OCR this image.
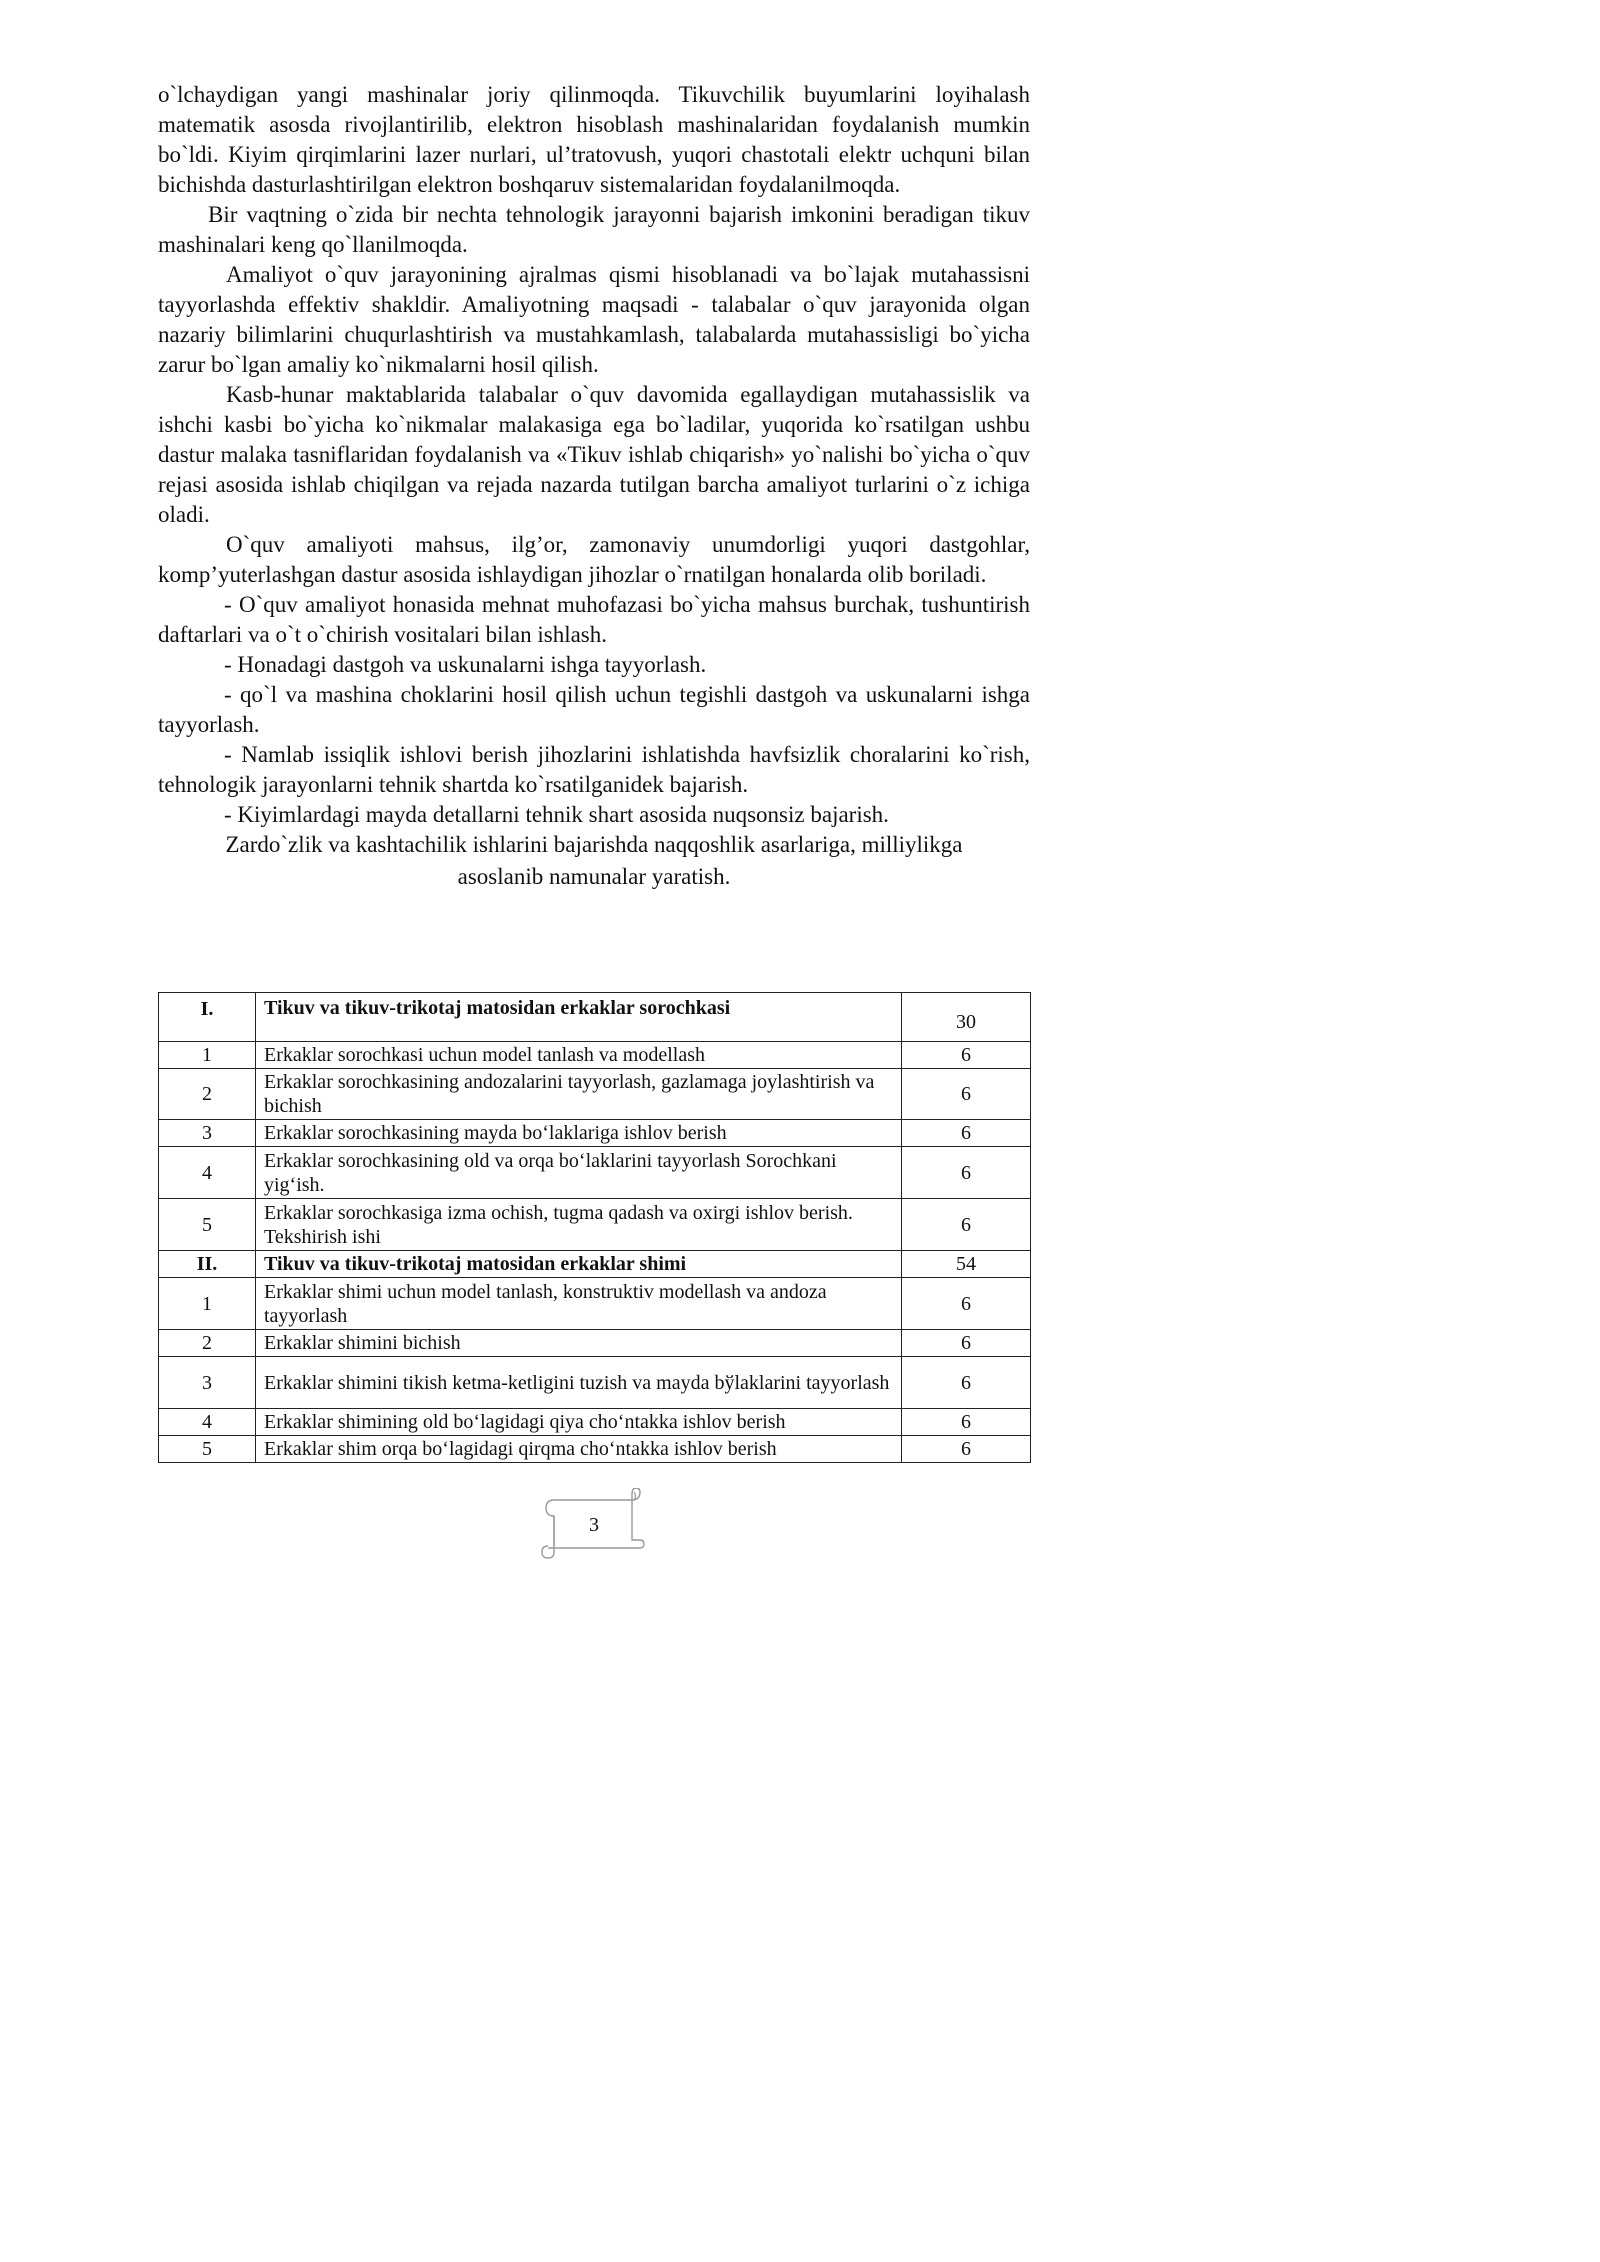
o`lchaydigan yangi mashinalar joriy qilinmoqda. Tikuvchilik buyumlarini loyihalash matematik asosda rivojlantirilib, elektron hisoblash mashinalaridan foydalanish mumkin bo`ldi. Kiyim qirqimlarini lazer nurlari, ul’tratovush, yuqori chastotali elektr uchquni bilan bichishda dasturlashtirilgan elektron boshqaruv sistemalaridan foydalanilmoqda.

Bir vaqtning o`zida bir nechta tehnologik jarayonni bajarish imkonini beradigan tikuv mashinalari keng qo`llanilmoqda.

Amaliyot o`quv jarayonining ajralmas qismi hisoblanadi va bo`lajak mutahassisni tayyorlashda effektiv shakldir. Amaliyotning maqsadi - talabalar o`quv jarayonida olgan nazariy bilimlarini chuqurlashtirish va mustahkamlash, talabalarda mutahassisligi bo`yicha zarur bo`lgan amaliy ko`nikmalarni hosil qilish.

Kasb-hunar maktablarida talabalar o`quv davomida egallaydigan mutahassislik va ishchi kasbi bo`yicha ko`nikmalar malakasiga ega bo`ladilar, yuqorida ko`rsatilgan ushbu dastur malaka tasniflaridan foydalanish va «Tikuv ishlab chiqarish» yo`nalishi bo`yicha o`quv rejasi asosida ishlab chiqilgan va rejada nazarda tutilgan barcha amaliyot turlarini o`z ichiga oladi.

O`quv amaliyoti mahsus, ilg’or, zamonaviy unumdorligi yuqori dastgohlar, komp’yuterlashgan dastur asosida ishlaydigan jihozlar o`rnatilgan honalarda olib boriladi.

- O`quv amaliyot honasida mehnat muhofazasi bo`yicha mahsus burchak, tushuntirish daftarlari va o`t o`chirish vositalari bilan ishlash.

- Honadagi dastgoh va uskunalarni ishga tayyorlash.

- qo`l va mashina choklarini hosil qilish uchun tegishli dastgoh va uskunalarni ishga tayyorlash.

- Namlab issiqlik ishlovi berish jihozlarini ishlatishda havfsizlik choralarini ko`rish, tehnologik jarayonlarni tehnik shartda ko`rsatilganidek bajarish.

- Kiyimlardagi mayda detallarni tehnik shart asosida nuqsonsiz bajarish.

Zardo`zlik va kashtachilik ishlarini bajarishda naqqoshlik asarlariga, milliylikga

asoslanib namunalar yaratish.

I.	Tikuv va tikuv-trikotaj matosidan erkaklar sorochkasi	30
1	Erkaklar sorochkasi uchun model tanlash va modellash	6
2	Erkaklar sorochkasining andozalarini tayyorlash, gazlamaga joylashtirish va bichish	6
3	Erkaklar sorochkasining mayda bo‘laklariga ishlov berish	6
4	Erkaklar sorochkasining old va orqa bo‘laklarini tayyorlash Sorochkani yig‘ish.	6
5	Erkaklar sorochkasiga izma ochish, tugma qadash va oxirgi ishlov berish. Tekshirish ishi	6
II.	Tikuv va tikuv-trikotaj matosidan erkaklar shimi	54
1	Erkaklar shimi uchun model tanlash, konstruktiv modellash va andoza tayyorlash	6
2	Erkaklar shimini bichish	6
3	Erkaklar shimini tikish ketma-ketligini tuzish va mayda bўlaklarini tayyorlash	6
4	Erkaklar shimining old bo‘lagidagi qiya cho‘ntakka ishlov berish	6
5	Erkaklar shim orqa bo‘lagidagi qirqma cho‘ntakka ishlov berish	6
3
